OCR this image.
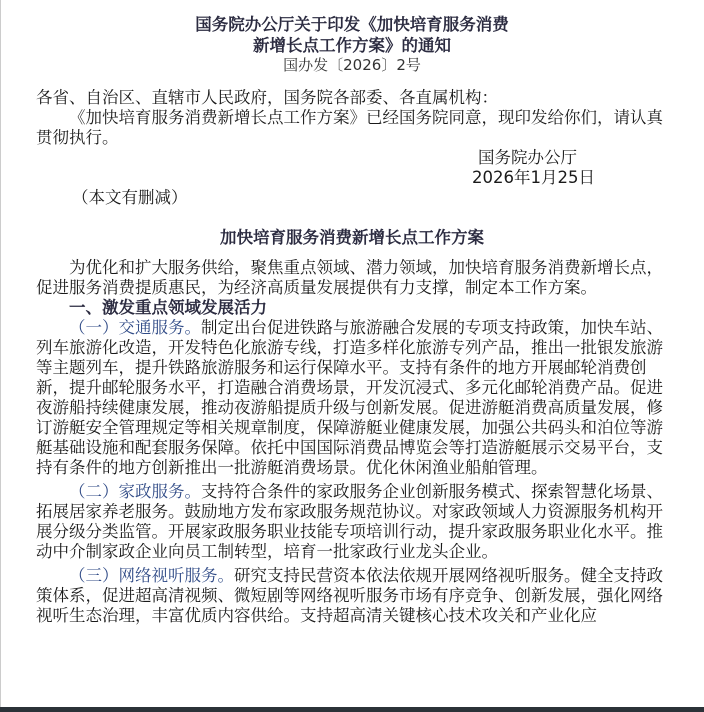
国务院办公厅关于印发《加快培育服务消费
新增长点工作方案》的通知
国办发〔2026〕2号

各省、自治区、直辖市人民政府，国务院各部委、各直属机构：

《加快培育服务消费新增长点工作方案》已经国务院同意，现印发给你们，请认真贯彻执行。

国务院办公厅

2026年1月25日

（本文有删减）

加快培育服务消费新增长点工作方案

为优化和扩大服务供给，聚焦重点领域、潜力领域，加快培育服务消费新增长点，促进服务消费提质惠民，为经济高质量发展提供有力支撑，制定本工作方案。

一、激发重点领域发展活力

（一）交通服务。制定出台促进铁路与旅游融合发展的专项支持政策，加快车站、列车旅游化改造，开发特色化旅游专线，打造多样化旅游专列产品，推出一批银发旅游等主题列车，提升铁路旅游服务和运行保障水平。支持有条件的地方开展邮轮消费创新，提升邮轮服务水平，打造融合消费场景，开发沉浸式、多元化邮轮消费产品。促进夜游船持续健康发展，推动夜游船提质升级与创新发展。促进游艇消费高质量发展，修订游艇安全管理规定等相关规章制度，保障游艇业健康发展，加强公共码头和泊位等游艇基础设施和配套服务保障。依托中国国际消费品博览会等打造游艇展示交易平台，支持有条件的地方创新推出一批游艇消费场景。优化休闲渔业船舶管理。

（二）家政服务。支持符合条件的家政服务企业创新服务模式、探索智慧化场景、拓展居家养老服务。鼓励地方发布家政服务规范协议。对家政领域人力资源服务机构开展分级分类监管。开展家政服务职业技能专项培训行动，提升家政服务职业化水平。推动中介制家政企业向员工制转型，培育一批家政行业龙头企业。

（三）网络视听服务。研究支持民营资本依法依规开展网络视听服务。健全支持政策体系，促进超高清视频、微短剧等网络视听服务市场有序竞争、创新发展，强化网络视听生态治理，丰富优质内容供给。支持超高清关键核心技术攻关和产业化应
